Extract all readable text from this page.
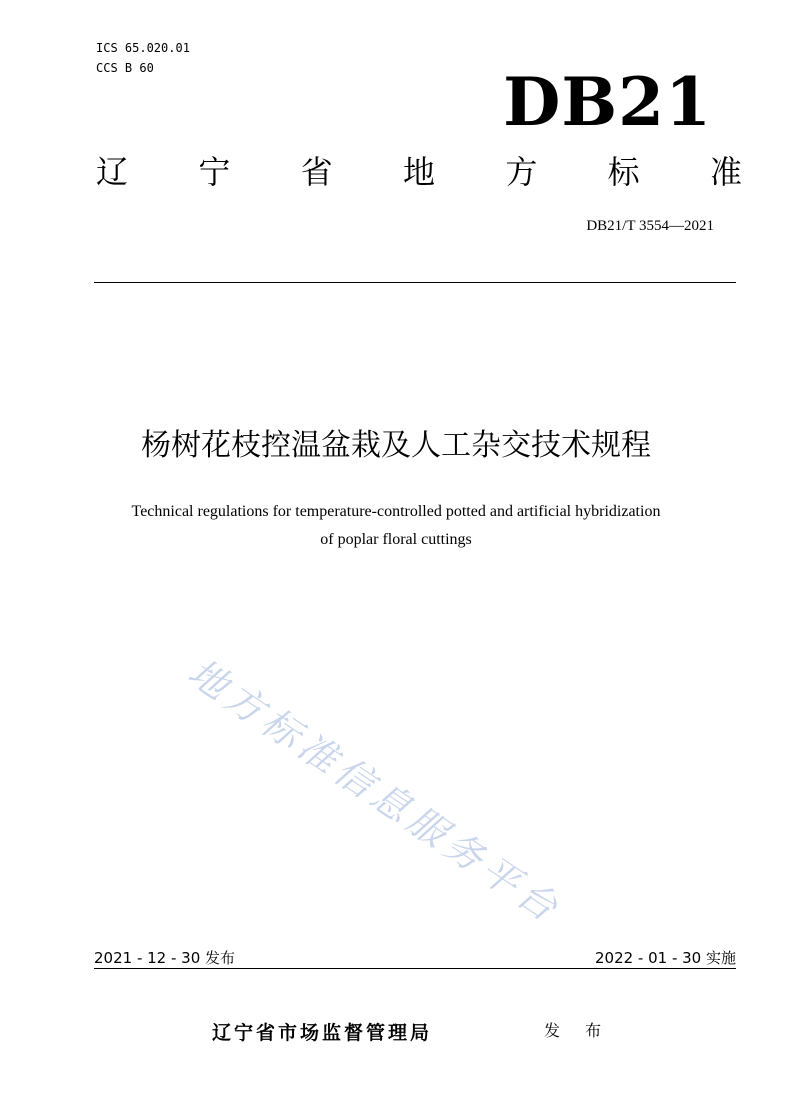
ICS 65.020.01
CCS B 60	DB21
辽 宁 省 地 方 标 准
DB21/T 3554—2021
杨树花枝控温盆栽及人工杂交技术规程
Technical regulations for temperature-controlled potted and artificial hybridization
of poplar floral cuttings
地方标准信息服务平台
2021 - 12 - 30 发布	2022 - 01 - 30 实施
辽宁省市场监督管理局	发 布
